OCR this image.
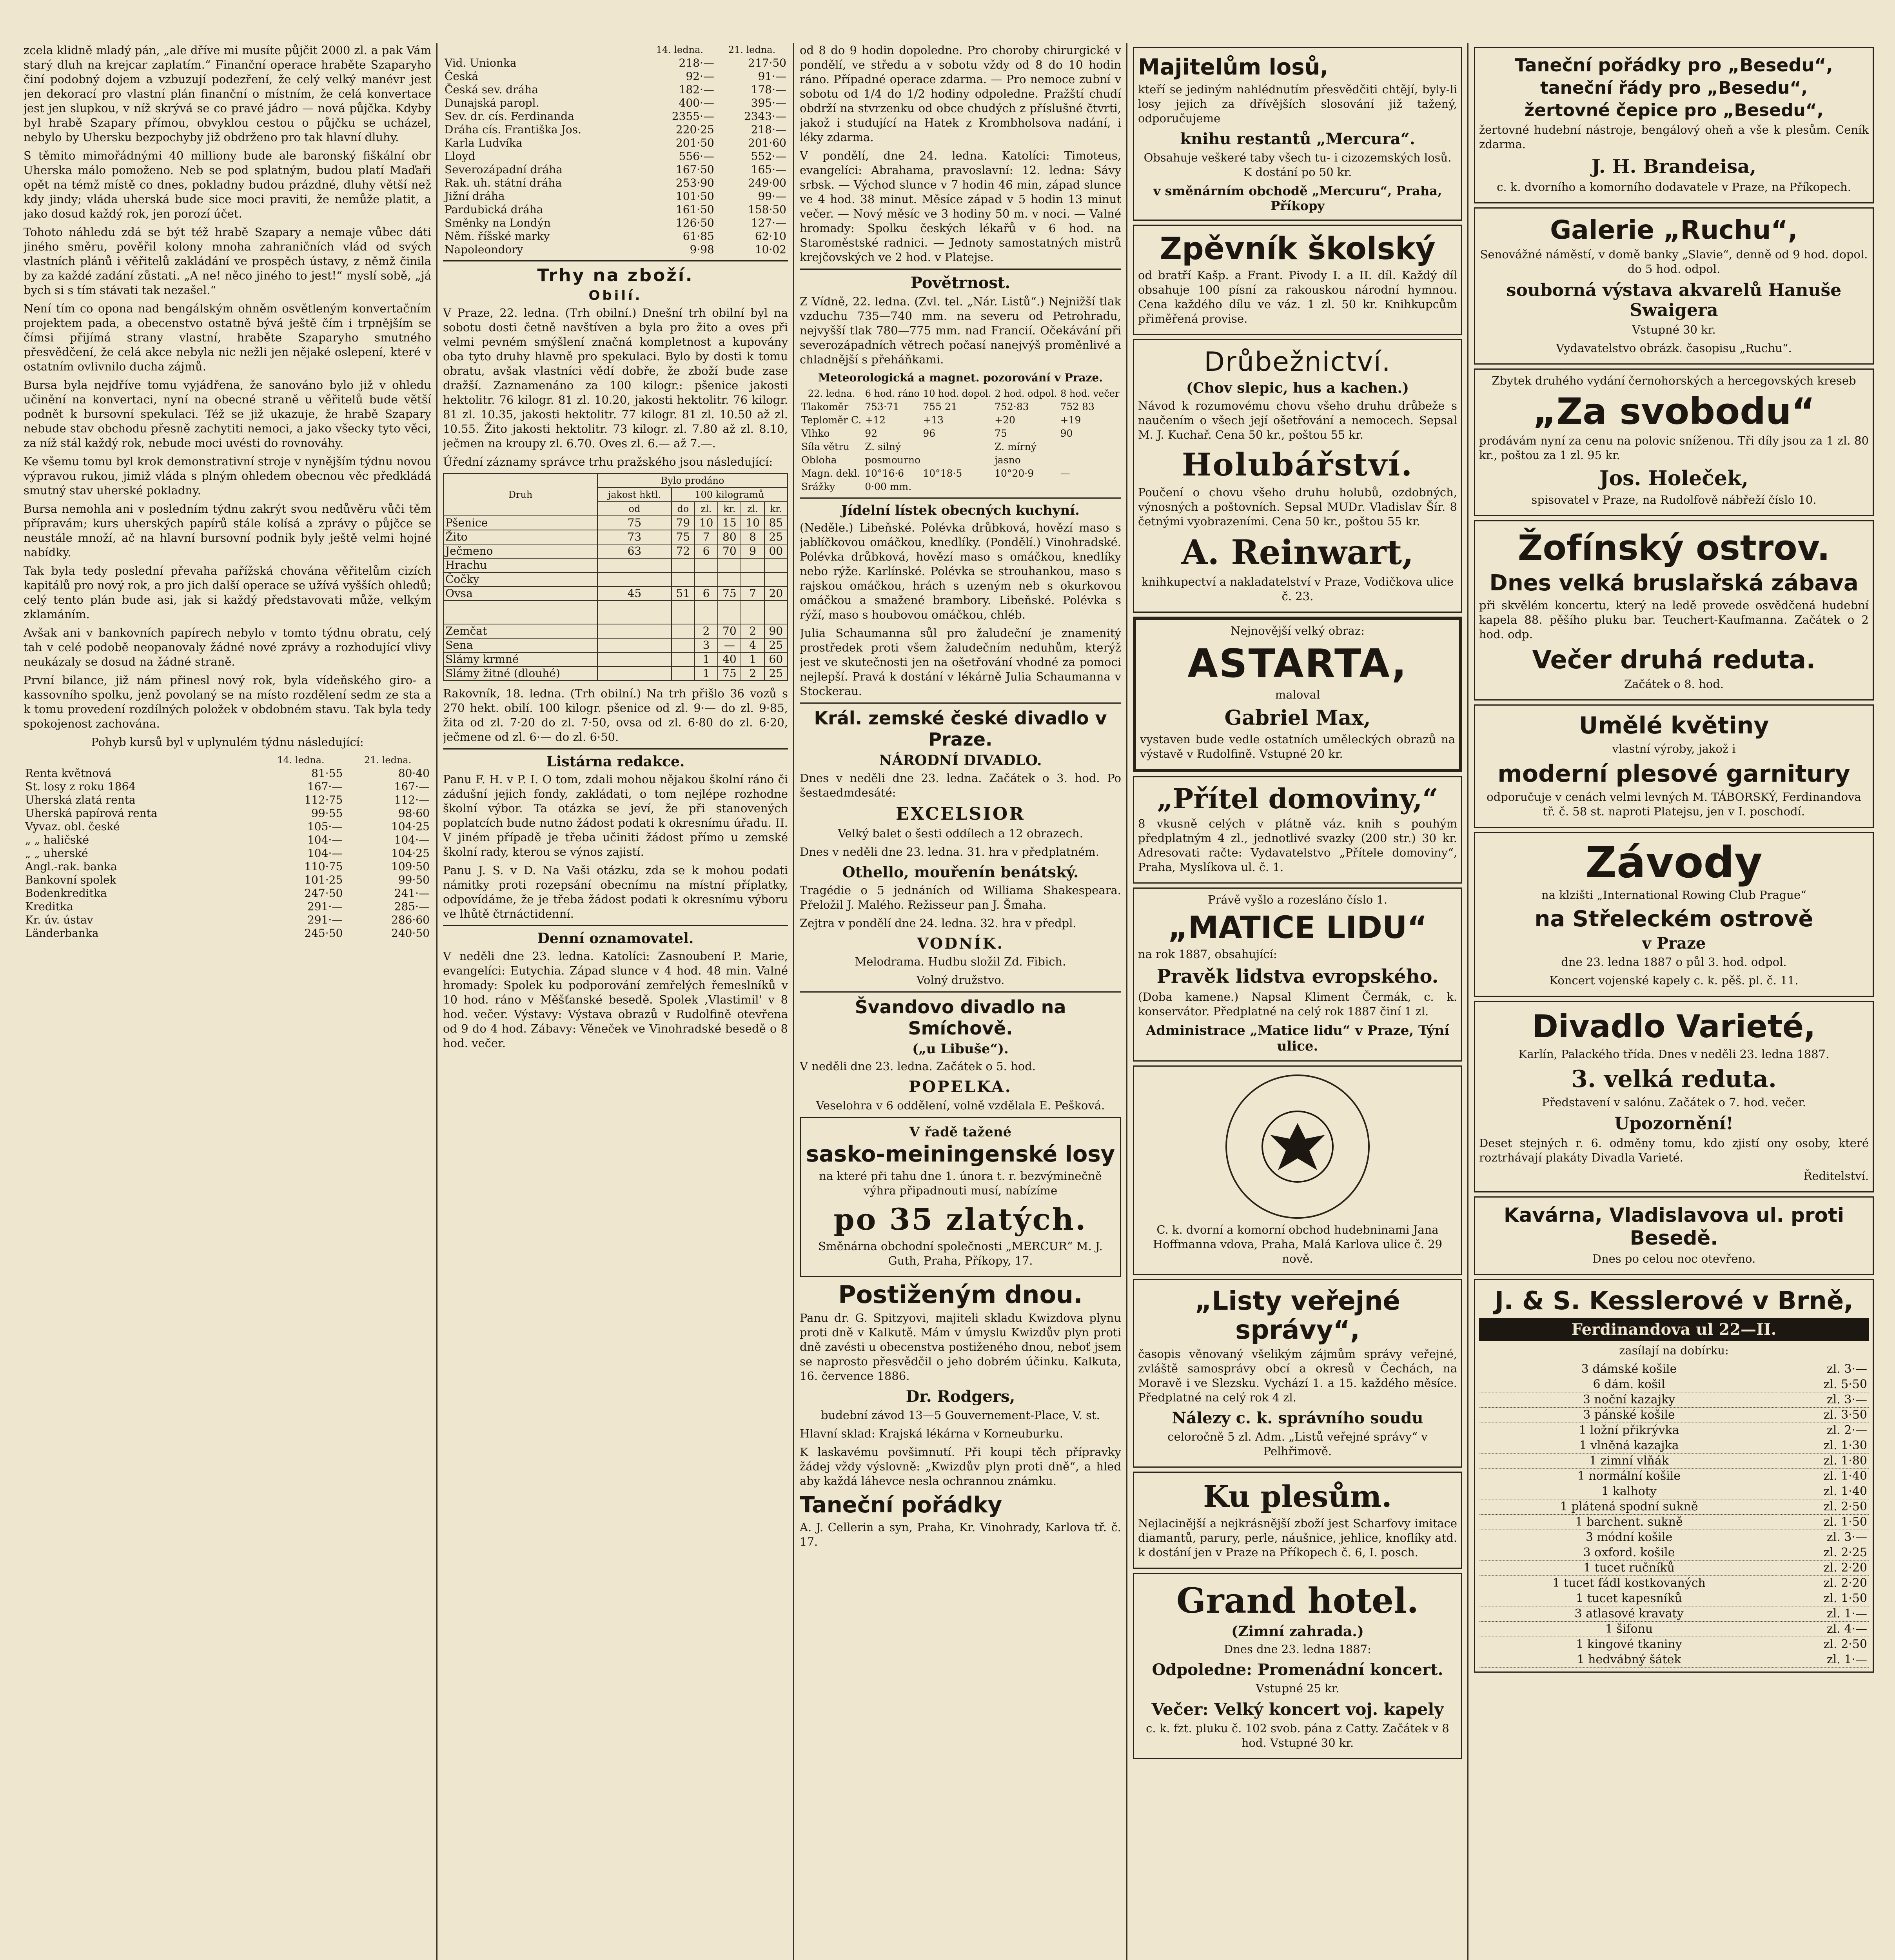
zcela klidně mladý pán, „ale dříve mi musíte půjčit 2000 zl. a pak Vám starý dluh na krejcar zaplatím.“ Finanční operace hraběte Szaparyho činí podobný dojem a vzbuzují podezření, že celý velký manévr jest jen dekorací pro vlastní plán finanční o místním, že celá konvertace jest jen slupkou, v níž skrývá se co pravé jádro — nová půjčka. Kdyby byl hrabě Szapary přímou, obvyklou cestou o půjčku se ucházel, nebylo by Uhersku bezpochyby již obdrženo pro tak hlavní dluhy.

S těmito mimořádnými 40 milliony bude ale baronský fiškální obr Uherska málo pomoženo. Neb se pod splatným, budou platí Maďaři opět na témž místě co dnes, pokladny budou prázdné, dluhy větší než kdy jindy; vláda uherská bude sice moci praviti, že nemůže platit, a jako dosud každý rok, jen porozí účet.

Tohoto náhledu zdá se být též hrabě Szapary a nemaje vůbec dáti jiného směru, pověřil kolony mnoha zahraničních vlád od svých vlastních plánů i věřitelů zakládání ve prospěch ústavy, z němž činila by za každé zadání zůstati. „A ne! něco jiného to jest!“ myslí sobě, „já bych si s tím stávati tak nezašel.“

Není tím co opona nad bengálským ohněm osvětleným konvertačním projektem pada, a obecenstvo ostatně bývá ještě čím i trpnějším se čímsi přijímá strany vlastní, hraběte Szaparyho smutného přesvědčení, že celá akce nebyla nic nežli jen nějaké oslepení, které v ostatním ovlivnilo ducha zájmů.

Bursa byla nejdříve tomu vyjádřena, že sanováno bylo již v ohledu učinění na konvertaci, nyní na obecné straně u věřitelů bude větší podnět k bursovní spekulaci. Též se již ukazuje, že hrabě Szapary nebude stav obchodu přesně zachytiti nemoci, a jako všecky tyto věci, za níž stál každý rok, nebude moci uvésti do rovnováhy.

Ke všemu tomu byl krok demonstrativní stroje v nynějším týdnu novou výpravou rukou, jimiž vláda s plným ohledem obecnou věc předkládá smutný stav uherské pokladny.

Bursa nemohla ani v posledním týdnu zakrýt svou nedůvěru vůči těm přípravám; kurs uherských papírů stále kolísá a zprávy o půjčce se neustále množí, ač na hlavní bursovní podnik byly ještě velmi hojné nabídky.

Tak byla tedy poslední převaha pařížská chována věřitelům cizích kapitálů pro nový rok, a pro jich další operace se užívá vyšších ohledů; celý tento plán bude asi, jak si každý představovati může, velkým zklamáním.

Avšak ani v bankovních papírech nebylo v tomto týdnu obratu, celý tah v celé podobě neopanovaly žádné nové zprávy a rozhodující vlivy neukázaly se dosud na žádné straně.

První bilance, již nám přinesl nový rok, byla vídeňského giro- a kassovního spolku, jenž povolaný se na místo rozdělení sedm ze sta a k tomu provedení rozdílných položek v obdobném stavu. Tak byla tedy spokojenost zachována.

Pohyb kursů byl v uplynulém týdnu následující:

	14. ledna.	21. ledna.
Renta květnová	81·55	80·40
St. losy z roku 1864	167·—	167·—
Uherská zlatá renta	112·75	112·—
Uherská papírová renta	99·55	98·60
Vyvaz. obl. české	105·—	104·25
„ „ haličské	104·—	104·—
„ „ uherské	104·—	104·25
Angl.-rak. banka	110·75	109·50
Bankovní spolek	101·25	99·50
Bodenkreditka	247·50	241·—
Kreditka	291·—	285·—
Kr. úv. ústav	291·—	286·60
Länderbanka	245·50	240·50
	14. ledna.	21. ledna.
Vid. Unionka	218·—	217·50
Česká	92·—	91·—
Česká sev. dráha	182·—	178·—
Dunajská paropl.	400·—	395·—
Sev. dr. cís. Ferdinanda	2355·—	2343·—
Dráha cís. Františka Jos.	220·25	218·—
Karla Ludvíka	201·50	201·60
Lloyd	556·—	552·—
Severozápadní dráha	167·50	165·—
Rak. uh. státní dráha	253·90	249·00
Jižní dráha	101·50	99·—
Pardubická dráha	161·50	158·50
Směnky na Londýn	126·50	127·—
Něm. říšské marky	61·85	62·10
Napoleondory	9·98	10·02
Trhy na zboží.
Obilí.

V Praze, 22. ledna. (Trh obilní.) Dnešní trh obilní byl na sobotu dosti četně navštíven a byla pro žito a oves při velmi pevném smýšlení značná kompletnost a kupovány oba tyto druhy hlavně pro spekulaci. Bylo by dosti k tomu obratu, avšak vlastníci vědí dobře, že zboží bude zase dražší. Zaznamenáno za 100 kilogr.: pšenice jakosti hektolitr. 76 kilogr. 81 zl. 10.20, jakosti hektolitr. 76 kilogr. 81 zl. 10.35, jakosti hektolitr. 77 kilogr. 81 zl. 10.50 až zl. 10.55. Žito jakosti hektolitr. 73 kilogr. zl. 7.80 až zl. 8.10, ječmen na kroupy zl. 6.70. Oves zl. 6.— až 7.—.

Úřední záznamy správce trhu pražského jsou následující:

Druh	Bylo prodáno					
	jakost hktl.	100 kilogramů				
	od	do	zl.	kr.	zl.	kr.
Pšenice	75	79	10	15	10	85
Žito	73	75	7	80	8	25
Ječmeno	63	72	6	70	9	00
Hrachu						
Čočky						
Ovsa	45	51	6	75	7	20

Zemčat			2	70	2	90
Sena			3	—	4	25
Slámy krmné			1	40	1	60
Slámy žitné (dlouhé)			1	75	2	25

Rakovník, 18. ledna. (Trh obilní.) Na trh přišlo 36 vozů s 270 hekt. obilí. 100 kilogr. pšenice od zl. 9·— do zl. 9·85, žita od zl. 7·20 do zl. 7·50, ovsa od zl. 6·80 do zl. 6·20, ječmene od zl. 6·— do zl. 6·50.

Listárna redakce.

Panu F. H. v P. I. O tom, zdali mohou nějakou školní ráno či zádušní jejich fondy, zakládati, o tom nejlépe rozhodne školní výbor. Ta otázka se jeví, že při stanovených poplatcích bude nutno žádost podati k okresnímu úřadu. II. V jiném případě je třeba učiniti žádost přímo u zemské školní rady, kterou se výnos zajistí.

Panu J. S. v D. Na Vaši otázku, zda se k mohou podati námitky proti rozepsání obecnímu na místní příplatky, odpovídáme, že je třeba žádost podati k okresnímu výboru ve lhůtě čtrnáctidenní.

Denní oznamovatel.

V neděli dne 23. ledna. Katolíci: Zasnoubení P. Marie, evangelíci: Eutychia. Západ slunce v 4 hod. 48 min. Valné hromady: Spolek ku podporování zemřelých řemeslníků v 10 hod. ráno v Měšťanské besedě. Spolek ,Vlastimil' v 8 hod. večer. Výstavy: Výstava obrazů v Rudolfině otevřena od 9 do 4 hod. Zábavy: Věneček ve Vinohradské besedě o 8 hod. večer.

od 8 do 9 hodin dopoledne. Pro choroby chirurgické v pondělí, ve středu a v sobotu vždy od 8 do 10 hodin ráno. Případné operace zdarma. — Pro nemoce zubní v sobotu od 1/4 do 1/2 hodiny odpoledne. Pražští chudí obdrží na stvrzenku od obce chudých z příslušné čtvrti, jakož i studující na Hatek z Krombholsova nadání, i léky zdarma.

V pondělí, dne 24. ledna. Katolíci: Timoteus, evangelíci: Abrahama, pravoslavní: 12. ledna: Sávy srbsk. — Východ slunce v 7 hodin 46 min, západ slunce ve 4 hod. 38 minut. Měsíce západ v 5 hodin 13 minut večer. — Nový měsíc ve 3 hodiny 50 m. v noci. — Valné hromady: Spolku českých lékařů v 6 hod. na Staroměstské radnici. — Jednoty samostatných mistrů krejčovských ve 2 hod. v Platejse.

Povětrnost.

Z Vídně, 22. ledna. (Zvl. tel. „Nár. Listů“.) Nejnižší tlak vzduchu 735—740 mm. na severu od Petrohradu, nejvyšší tlak 780—775 mm. nad Francií. Očekávání při severozápadních větrech počasí nanejvýš proměnlivé a chladnější s přeháňkami.

Meteorologická a magnet. pozorování v Praze.
22. ledna.	6 hod. ráno	10 hod. dopol.	2 hod. odpol.	8 hod. večer
Tlakoměr	753·71	755 21	752·83	752 83
Teploměr C.	+12	+13	+20	+19
Vlhko	92	96	75	90
Síla větru	Z. silný		Z. mírný	
Obloha	posmourno		jasno	
Magn. dekl.	10°16·6	10°18·5	10°20·9	—
Srážky	0·00 mm.			
Jídelní lístek obecných kuchyní.

(Neděle.) Libeňské. Polévka drůbková, hovězí maso s jablíčkovou omáčkou, knedlíky. (Pondělí.) Vinohradské. Polévka drůbková, hovězí maso s omáčkou, knedlíky nebo rýže. Karlínské. Polévka se strouhankou, maso s rajskou omáčkou, hrách s uzeným neb s okurkovou omáčkou a smažené brambory. Libeňské. Polévka s rýží, maso s houbovou omáčkou, chléb.

Julia Schaumanna sůl pro žaludeční je znamenitý prostředek proti všem žaludečním neduhům, kterýž jest ve skutečnosti jen na ošetřování vhodné za pomoci nejlepší. Pravá k dostání v lékárně Julia Schaumanna v Stockerau.

Král. zemské české divadlo v Praze.
NÁRODNÍ DIVADLO.

Dnes v neděli dne 23. ledna. Začátek o 3. hod. Po šestaedmdesáté:

EXCELSIOR

Velký balet o šesti oddílech a 12 obrazech.

Dnes v neděli dne 23. ledna. 31. hra v předplatném.

Othello, mouřenín benátský.

Tragédie o 5 jednáních od Williama Shakespeara. Přeložil J. Malého. Režisseur pan J. Šmaha.

Zejtra v pondělí dne 24. ledna. 32. hra v předpl.

VODNÍK.

Melodrama. Hudbu složil Zd. Fibich.

Volný družstvo.

Švandovo divadlo na Smíchově.
(„u Libuše“).

V neděli dne 23. ledna. Začátek o 5. hod.

POPELKA.

Veselohra v 6 oddělení, volně vzdělala E. Pešková.

V řadě tažené
sasko-meiningenské losy

na které při tahu dne 1. února t. r. bezvýminečně výhra připadnouti musí, nabízíme

po 35 zlatých.

Směnárna obchodní společnosti „MERCUR“ M. J. Guth, Praha, Příkopy, 17.

Postiženým dnou.

Panu dr. G. Spitzyovi, majiteli skladu Kwizdova plynu proti dně v Kalkutě. Mám v úmyslu Kwizdův plyn proti dně zavésti u obecenstva postiženého dnou, neboť jsem se naprosto přesvědčil o jeho dobrém účinku. Kalkuta, 16. července 1886.

Dr. Rodgers,

budební závod 13—5 Gouvernement-Place, V. st.

Hlavní sklad: Krajská lékárna v Korneuburku.

K laskavému povšimnutí. Při koupi těch přípravky žádej vždy výslovně: „Kwizdův plyn proti dně“, a hleď aby každá láhevce nesla ochrannou známku.

Taneční pořádky

A. J. Cellerin a syn, Praha, Kr. Vinohrady, Karlova tř. č. 17.

Majitelům losů,

kteří se jediným nahlédnutím přesvědčiti chtějí, byly-li losy jejich za dřívějších slosování již tažený, odporučujeme

knihu restantů „Mercura“.

Obsahuje veškeré taby všech tu- i cizozemských losů. K dostání po 50 kr.

v směnárním obchodě „Mercuru“, Praha, Příkopy
Zpěvník školský

od bratří Kašp. a Frant. Pivody I. a II. díl. Každý díl obsahuje 100 písní za rakouskou národní hymnou. Cena každého dílu ve váz. 1 zl. 50 kr. Knihkupcům přiměřená provise.

Drůbežnictví.
(Chov slepic, hus a kachen.)

Návod k rozumovému chovu všeho druhu drůbeže s naučením o všech její ošetřování a nemocech. Sepsal M. J. Kuchař. Cena 50 kr., poštou 55 kr.

Holubářství.

Poučení o chovu všeho druhu holubů, ozdobných, výnosných a poštovních. Sepsal MUDr. Vladislav Šír. 8 četnými vyobrazeními. Cena 50 kr., poštou 55 kr.

A. Reinwart,

knihkupectví a nakladatelství v Praze, Vodičkova ulice č. 23.

Nejnovější velký obraz:

ASTARTA,

maloval

Gabriel Max,

vystaven bude vedle ostatních uměleckých obrazů na výstavě v Rudolfině. Vstupné 20 kr.

„Přítel domoviny,“

8 vkusně celých v plátně váz. knih s pouhým předplatným 4 zl., jednotlivé svazky (200 str.) 30 kr. Adresovati račte: Vydavatelstvo „Přítele domoviny“, Praha, Myslíkova ul. č. 1.

Právě vyšlo a rozesláno číslo 1.

„MATICE LIDU“

na rok 1887, obsahující:

Pravěk lidstva evropského.

(Doba kamene.) Napsal Kliment Čermák, c. k. konservátor. Předplatné na celý rok 1887 činí 1 zl.

Administrace „Matice lidu“ v Praze, Týní ulice.

C. k. dvorní a komorní obchod hudebninami Jana Hoffmanna vdova, Praha, Malá Karlova ulice č. 29 nově.

„Listy veřejné správy“,

časopis věnovaný všelikým zájmům správy veřejné, zvláště samosprávy obcí a okresů v Čechách, na Moravě i ve Slezsku. Vychází 1. a 15. každého měsíce. Předplatné na celý rok 4 zl.

Nálezy c. k. správního soudu

celoročně 5 zl. Adm. „Listů veřejné správy“ v Pelhřimově.

Ku plesům.

Nejlacinější a nejkrásnější zboží jest Scharfovy imitace diamantů, parury, perle, náušnice, jehlice, knoflíky atd. k dostání jen v Praze na Příkopech č. 6, I. posch.

Grand hotel.
(Zimní zahrada.)

Dnes dne 23. ledna 1887:

Odpoledne: Promenádní koncert.

Vstupné 25 kr.

Večer: Velký koncert voj. kapely

c. k. fzt. pluku č. 102 svob. pána z Catty. Začátek v 8 hod. Vstupné 30 kr.

Taneční pořádky pro „Besedu“,
taneční řády pro „Besedu“,
žertovné čepice pro „Besedu“,

žertovné hudební nástroje, bengálový oheň a vše k plesům. Ceník zdarma.

J. H. Brandeisa,

c. k. dvorního a komorního dodavatele v Praze, na Příkopech.

Galerie „Ruchu“,

Senovážné náměstí, v domě banky „Slavie“, denně od 9 hod. dopol. do 5 hod. odpol.

souborná výstava akvarelů Hanuše Swaigera

Vstupné 30 kr.

Vydavatelstvo obrázk. časopisu „Ruchu“.

Zbytek druhého vydání černohorských a hercegovských kreseb

„Za svobodu“

prodávám nyní za cenu na polovic sníženou. Tři díly jsou za 1 zl. 80 kr., poštou za 1 zl. 95 kr.

Jos. Holeček,

spisovatel v Praze, na Rudolfově nábřeží číslo 10.

Žofínský ostrov.
Dnes velká bruslařská zábava

při skvělém koncertu, který na ledě provede osvědčená hudební kapela 88. pěšího pluku bar. Teuchert-Kaufmanna. Začátek o 2 hod. odp.

Večer druhá reduta.

Začátek o 8. hod.

Umělé květiny

vlastní výroby, jakož i

moderní plesové garnitury

odporučuje v cenách velmi levných M. TÁBORSKÝ, Ferdinandova tř. č. 58 st. naproti Platejsu, jen v I. poschodí.

Závody

na klzišti „International Rowing Club Prague“

na Střeleckém ostrově
v Praze

dne 23. ledna 1887 o půl 3. hod. odpol.

Koncert vojenské kapely c. k. pěš. pl. č. 11.

Divadlo Varieté,

Karlín, Palackého třída. Dnes v neděli 23. ledna 1887.

3. velká reduta.

Představení v salónu. Začátek o 7. hod. večer.

Upozornění!

Deset stejných r. 6. odměny tomu, kdo zjistí ony osoby, které roztrhávají plakáty Divadla Varieté.

Ředitelství.

Kavárna, Vladislavova ul. proti Besedě.

Dnes po celou noc otevřeno.

J. & S. Kesslerové v Brně,
Ferdinandova ul 22—II.

zasílají na dobírku:

3 dámské košile	zl. 3·—
6 dám. košil	zl. 5·50
3 noční kazajky	zl. 3·—
3 pánské košile	zl. 3·50
1 ložní přikrývka	zl. 2·—
1 vlněná kazajka	zl. 1·30
1 zimní vlňák	zl. 1·80
1 normální košile	zl. 1·40
1 kalhoty	zl. 1·40
1 plátená spodní sukně	zl. 2·50
1 barchent. sukně	zl. 1·50
3 módní košile	zl. 3·—
3 oxford. košile	zl. 2·25
1 tucet ručníků	zl. 2·20
1 tucet fádl kostkovaných	zl. 2·20
1 tucet kapesníků	zl. 1·50
3 atlasové kravaty	zl. 1·—
1 šifonu	zl. 4·—
1 kingové tkaniny	zl. 2·50
1 hedvábný šátek	zl. 1·—
